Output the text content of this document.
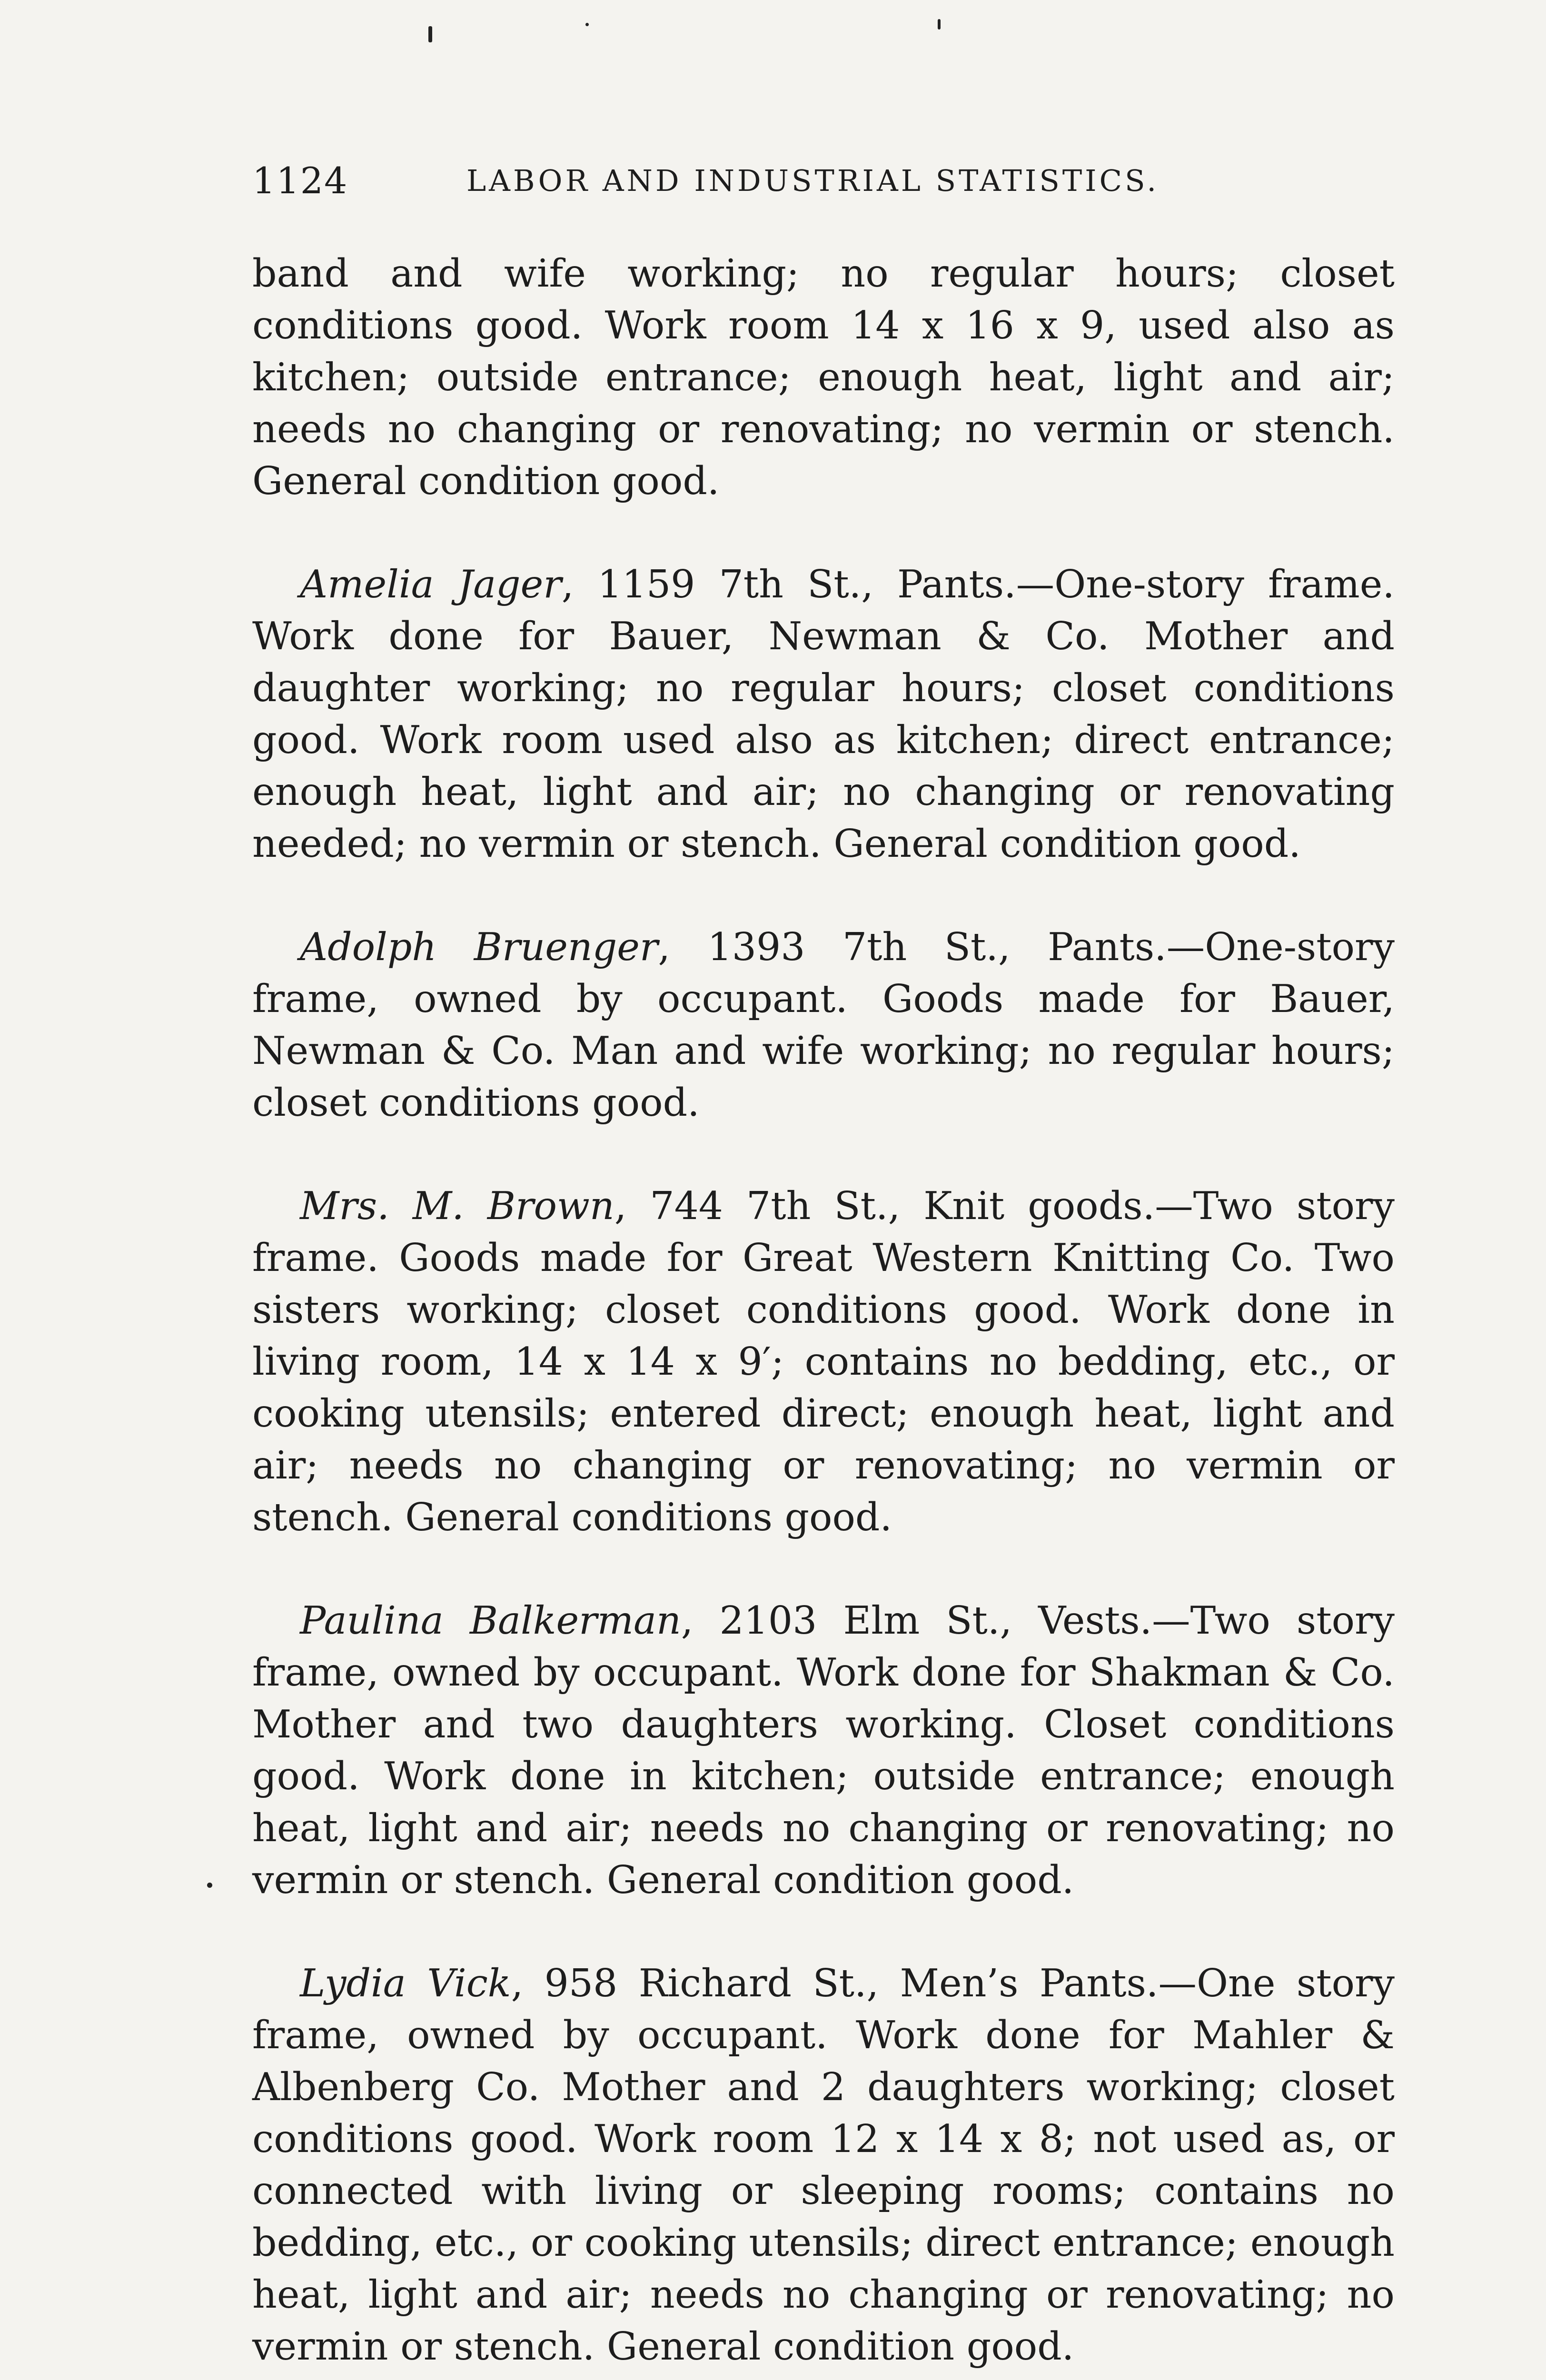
1124	LABOR AND INDUSTRIAL STATISTICS.

band and wife working; no regular hours; closet conditions good. Work room 14 x 16 x 9, used also as kitchen; outside entrance; enough heat, light and air; needs no changing or renovating; no vermin or stench. General condition good.

Amelia Jager, 1159 7th St., Pants.—One-story frame. Work done for Bauer, Newman & Co. Mother and daughter working; no regular hours; closet conditions good. Work room used also as kitchen; direct entrance; enough heat, light and air; no changing or renovating needed; no vermin or stench. General condition good.

Adolph Bruenger, 1393 7th St., Pants.—One-story frame, owned by occupant. Goods made for Bauer, Newman & Co. Man and wife working; no regular hours; closet conditions good.

Mrs. M. Brown, 744 7th St., Knit goods.—Two story frame. Goods made for Great Western Knitting Co. Two sisters working; closet conditions good. Work done in living room, 14 x 14 x 9′; contains no bedding, etc., or cooking utensils; entered direct; enough heat, light and air; needs no changing or renovating; no vermin or stench. General conditions good.

Paulina Balkerman, 2103 Elm St., Vests.—Two story frame, owned by occupant. Work done for Shakman & Co. Mother and two daughters working. Closet conditions good. Work done in kitchen; outside entrance; enough heat, light and air; needs no changing or renovating; no vermin or stench. General condition good.

Lydia Vick, 958 Richard St., Men’s Pants.—One story frame, owned by occupant. Work done for Mahler & Albenberg Co. Mother and 2 daughters working; closet conditions good. Work room 12 x 14 x 8; not used as, or connected with living or sleeping rooms; contains no bedding, etc., or cooking utensils; direct entrance; enough heat, light and air; needs no changing or renovating; no vermin or stench. General condition good.
